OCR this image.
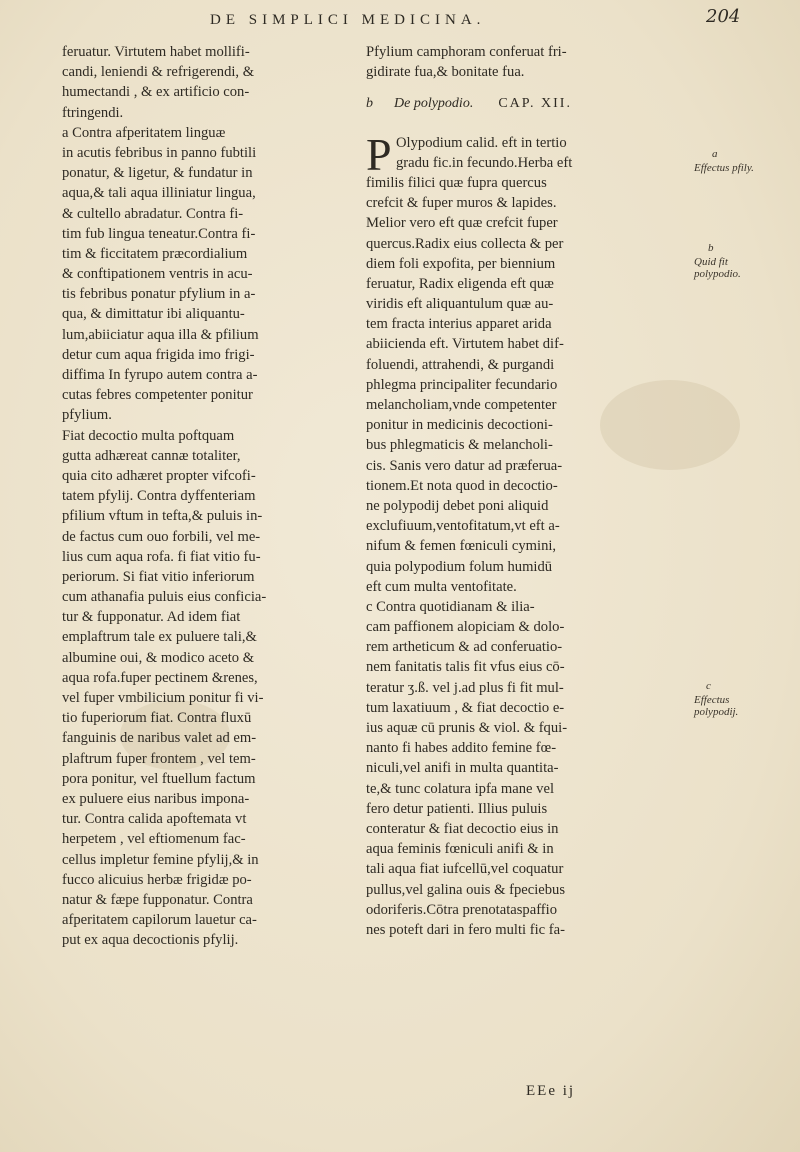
DE SIMPLICI MEDICINA.	204
feruatur. Virtutem habet mollifi-
candi, leniendi & refrigerendi, &
humectandi , & ex artificio con-
ftringendi.
a Contra afperitatem linguæ
in acutis febribus in panno fubtili
ponatur, & ligetur, & fundatur in
aqua,& tali aqua illiniatur lingua,
& cultello abradatur. Contra fi-
tim fub lingua teneatur.Contra fi-
tim & ficcitatem præcordialium
& conftipationem ventris in acu-
tis febribus ponatur pfylium in a-
qua, & dimittatur ibi aliquantu-
lum,abiiciatur aqua illa & pfilium
detur cum aqua frigida imo frigi-
diffima In fyrupo autem contra a-
cutas febres competenter ponitur
pfylium.
Fiat decoctio multa poftquam
gutta adhæreat cannæ totaliter,
quia cito adhæret propter vifcofi-
tatem pfylij. Contra dyffenteriam
pfilium vftum in tefta,& puluis in-
de factus cum ouo forbili, vel me-
lius cum aqua rofa. fi fiat vitio fu-
periorum. Si fiat vitio inferiorum
cum athanafia puluis eius conficia-
tur & fupponatur. Ad idem fiat
emplaftrum tale ex puluere tali,&
albumine oui, & modico aceto &
aqua rofa.fuper pectinem &renes,
vel fuper vmbilicium ponitur fi vi-
tio fuperiorum fiat. Contra fluxū
fanguinis de naribus valet ad em-
plaftrum fuper frontem , vel tem-
pora ponitur, vel ftuellum factum
ex puluere eius naribus impona-
tur. Contra calida apoftemata vt
herpetem , vel eftiomenum fac-
cellus impletur femine pfylij,& in
fucco alicuius herbæ frigidæ po-
natur & fæpe fupponatur. Contra
afperitatem capilorum lauetur ca-
put ex aqua decoctionis pfylij.
Pfylium camphoram conferuat fri-
gidirate fua,& bonitate fua.
b De polypodio. CAP. XII.
P Olypodium calid. eft in tertio
gradu fic.in fecundo.Herba eft
fimilis filici quæ fupra quercus
crefcit & fuper muros & lapides.
Melior vero eft quæ crefcit fuper
quercus.Radix eius collecta & per
diem foli expofita, per biennium
feruatur, Radix eligenda eft quæ
viridis eft aliquantulum quæ au-
tem fracta interius apparet arida
abiicienda eft. Virtutem habet dif-
foluendi, attrahendi, & purgandi
phlegma principaliter fecundario
melancholiam,vnde competenter
ponitur in medicinis decoctioni-
bus phlegmaticis & melancholi-
cis. Sanis vero datur ad præferua-
tionem.Et nota quod in decoctio-
ne polypodij debet poni aliquid
exclufiuum,ventofitatum,vt eft a-
nifum & femen fœniculi cymini,
quia polypodium folum humidū
eft cum multa ventofitate.
c Contra quotidianam & ilia-
cam paffionem alopiciam & dolo-
rem artheticum & ad conferuatio-
nem fanitatis talis fit vfus eius cō-
teratur ʒ.ß. vel j.ad plus fi fit mul-
tum laxatiuum , & fiat decoctio e-
ius aquæ cū prunis & viol. & fqui-
nanto fi habes addito femine fœ-
niculi,vel anifi in multa quantita-
te,& tunc colatura ipfa mane vel
fero detur patienti. Illius puluis
conteratur & fiat decoctio eius in
aqua feminis fœniculi anifi & in
tali aqua fiat iufcellū,vel coquatur
pullus,vel galina ouis & fpeciebus
odoriferis.Cōtra prenotataspaffio
nes poteft dari in fero multi fic fa-
a
Effectus pfily.
b
Quid fit polypodio.
c
Effectus polypodij.
EEe ij
